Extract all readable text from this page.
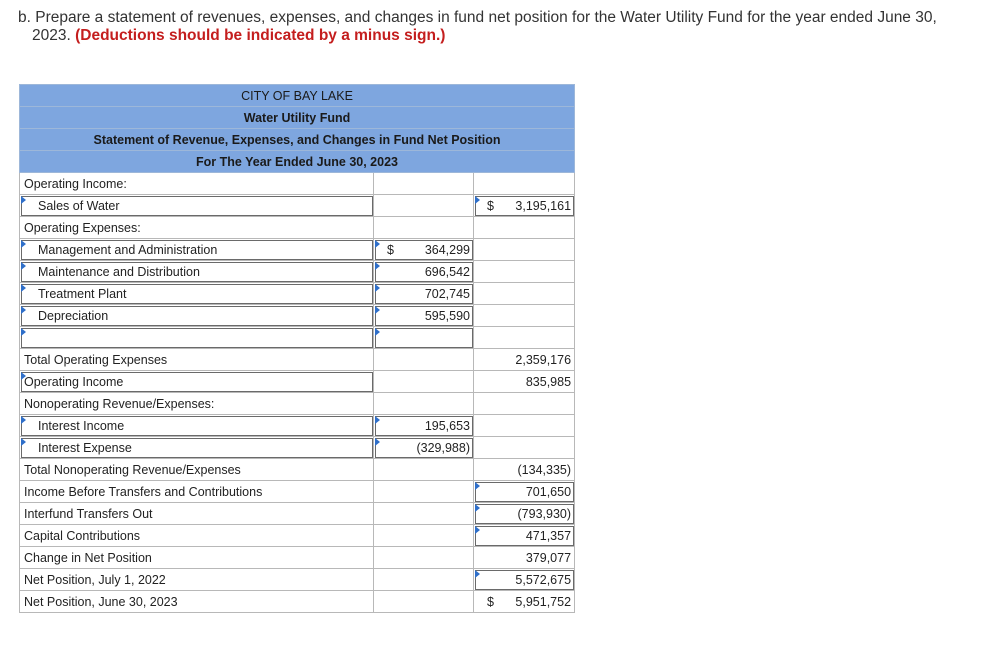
b. Prepare a statement of revenues, expenses, and changes in fund net position for the Water Utility Fund for the year ended June 30,
2023. (Deductions should be indicated by a minus sign.)
CITY OF BAY LAKE		
Water Utility Fund		
Statement of Revenue, Expenses, and Changes in Fund Net Position		
For The Year Ended June 30, 2023		
Operating Income:		
Sales of Water		$ 3,195,161
Operating Expenses:		
Management and Administration	$ 364,299	
Maintenance and Distribution	696,542	
Treatment Plant	702,745	
Depreciation	595,590	

Total Operating Expenses		2,359,176
Operating Income		835,985
Nonoperating Revenue/Expenses:		
Interest Income	195,653	
Interest Expense	(329,988)	
Total Nonoperating Revenue/Expenses		(134,335)
Income Before Transfers and Contributions		701,650
Interfund Transfers Out		(793,930)
Capital Contributions		471,357
Change in Net Position		379,077
Net Position, July 1, 2022		5,572,675
Net Position, June 30, 2023		$ 5,951,752
